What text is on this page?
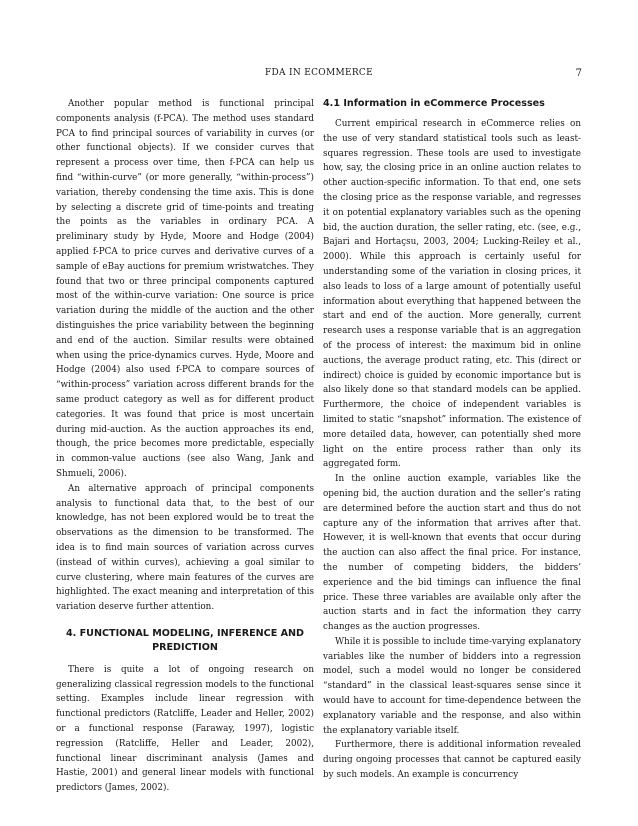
FDA IN ECOMMERCE	7

Another popular method is functional principal components analysis (f-PCA). The method uses standard PCA to find principal sources of variability in curves (or other functional objects). If we consider curves that represent a process over time, then f-PCA can help us find “within-curve” (or more generally, “within-process”) variation, thereby condensing the time axis. This is done by selecting a discrete grid of time-points and treating the points as the variables in ordinary PCA. A preliminary study by Hyde, Moore and Hodge (2004) applied f-PCA to price curves and derivative curves of a sample of eBay auctions for premium wristwatches. They found that two or three principal components captured most of the within-curve variation: One source is price variation during the middle of the auction and the other distinguishes the price variability between the beginning and end of the auction. Similar results were obtained when using the price-dynamics curves. Hyde, Moore and Hodge (2004) also used f-PCA to compare sources of “within-process” variation across different brands for the same product category as well as for different product categories. It was found that price is most uncertain during mid-auction. As the auction approaches its end, though, the price becomes more predictable, especially in common-value auctions (see also Wang, Jank and Shmueli, 2006).

An alternative approach of principal components analysis to functional data that, to the best of our knowledge, has not been explored would be to treat the observations as the dimension to be transformed. The idea is to find main sources of variation across curves (instead of within curves), achieving a goal similar to curve clustering, where main features of the curves are highlighted. The exact meaning and interpretation of this variation deserve further attention.

4. FUNCTIONAL MODELING, INFERENCE AND PREDICTION

There is quite a lot of ongoing research on generalizing classical regression models to the functional setting. Examples include linear regression with functional predictors (Ratcliffe, Leader and Heller, 2002) or a functional response (Faraway, 1997), logistic regression (Ratcliffe, Heller and Leader, 2002), functional linear discriminant analysis (James and Hastie, 2001) and general linear models with functional predictors (James, 2002).

4.1 Information in eCommerce Processes

Current empirical research in eCommerce relies on the use of very standard statistical tools such as least-squares regression. These tools are used to investigate how, say, the closing price in an online auction relates to other auction-specific information. To that end, one sets the closing price as the response variable, and regresses it on potential explanatory variables such as the opening bid, the auction duration, the seller rating, etc. (see, e.g., Bajari and Hortaçsu, 2003, 2004; Lucking-Reiley et al., 2000). While this approach is certainly useful for understanding some of the variation in closing prices, it also leads to loss of a large amount of potentially useful information about everything that happened between the start and end of the auction. More generally, current research uses a response variable that is an aggregation of the process of interest: the maximum bid in online auctions, the average product rating, etc. This (direct or indirect) choice is guided by economic importance but is also likely done so that standard models can be applied. Furthermore, the choice of independent variables is limited to static “snapshot” information. The existence of more detailed data, however, can potentially shed more light on the entire process rather than only its aggregated form.

In the online auction example, variables like the opening bid, the auction duration and the seller’s rating are determined before the auction start and thus do not capture any of the information that arrives after that. However, it is well-known that events that occur during the auction can also affect the final price. For instance, the number of competing bidders, the bidders’ experience and the bid timings can influence the final price. These three variables are available only after the auction starts and in fact the information they carry changes as the auction progresses.

While it is possible to include time-varying explanatory variables like the number of bidders into a regression model, such a model would no longer be considered “standard” in the classical least-squares sense since it would have to account for time-dependence between the explanatory variable and the response, and also within the explanatory variable itself.

Furthermore, there is additional information revealed during ongoing processes that cannot be captured easily by such models. An example is concurrency
